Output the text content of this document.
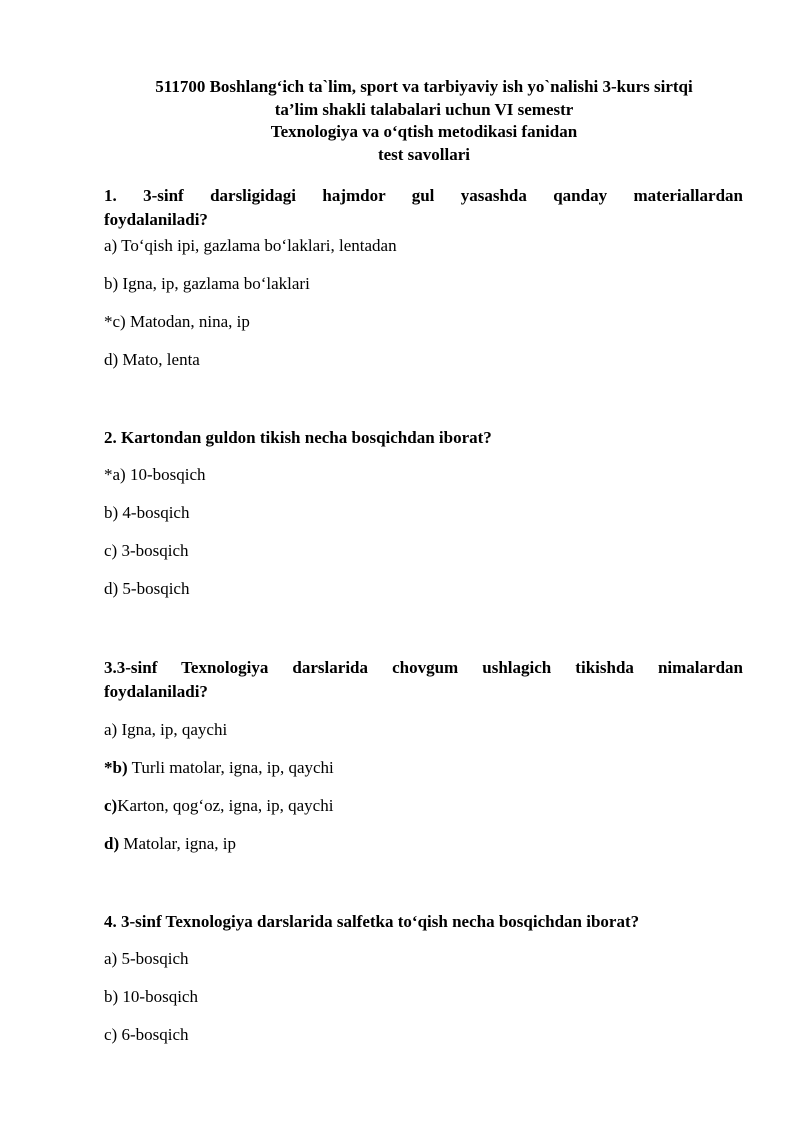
511700 Boshlang‘ich ta`lim, sport va tarbiyaviy ish yo`nalishi 3-kurs sirtqi
ta’lim shakli talabalari uchun VI semestr
Texnologiya va o‘qtish metodikasi fanidan
test savollari
1. 3-sinf darsligidagi hajmdor gul yasashda qanday materiallardan
foydalaniladi?
a) To‘qish ipi, gazlama bo‘laklari, lentadan
b) Igna, ip, gazlama bo‘laklari
*c) Matodan, nina, ip
d) Mato, lenta
2. Kartondan guldon tikish necha bosqichdan iborat?
*a) 10-bosqich
b) 4-bosqich
c) 3-bosqich
d) 5-bosqich
3.3-sinf Texnologiya darslarida chovgum ushlagich tikishda nimalardan
foydalaniladi?
a) Igna, ip, qaychi
*b) Turli matolar, igna, ip, qaychi
c)Karton, qog‘oz, igna, ip, qaychi
d) Matolar, igna, ip
4. 3-sinf Texnologiya darslarida salfetka to‘qish necha bosqichdan iborat?
a) 5-bosqich
b) 10-bosqich
c) 6-bosqich
